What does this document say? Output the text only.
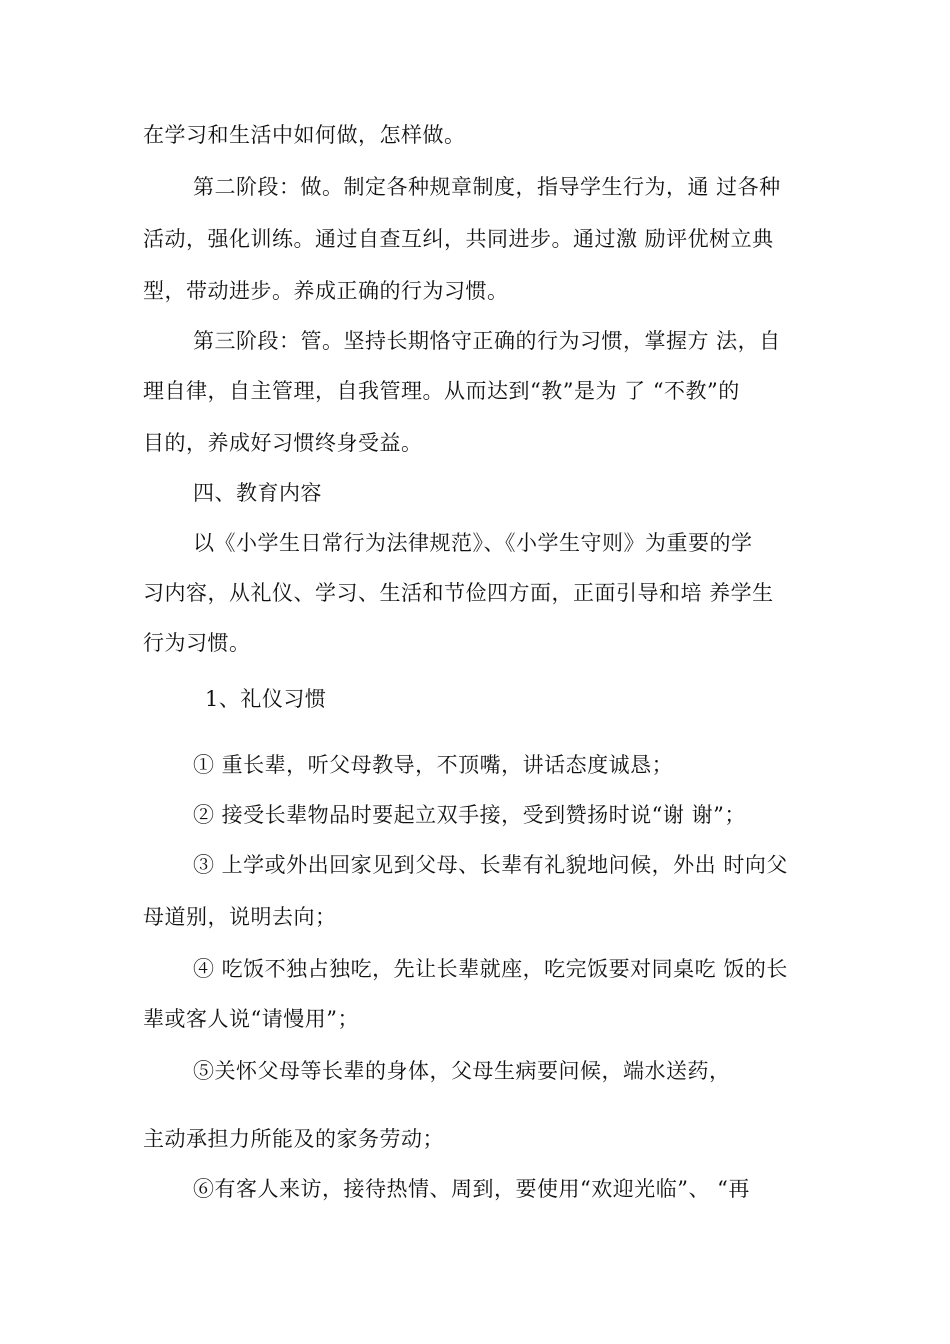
在学习和生活中如何做，怎样做。
第二阶段：做。制定各种规章制度，指导学生行为，通 过各种
活动，强化训练。通过自查互纠，共同进步。通过激 励评优树立典
型，带动进步。养成正确的行为习惯。
第三阶段：管。坚持长期恪守正确的行为习惯，掌握方 法，自
理自律，自主管理，自我管理。从而达到“教”是为 了 “不教”的
目的，养成好习惯终身受益。
四、教育内容
以《小学生日常行为法律规范》、《小学生守则》为重要的学
习内容，从礼仪、学习、生活和节俭四方面，正面引导和培 养学生
行为习惯。
1、礼仪习惯
① 重长辈，听父母教导，不顶嘴，讲话态度诚恳；
② 接受长辈物品时要起立双手接，受到赞扬时说“谢 谢”；
③ 上学或外出回家见到父母、长辈有礼貌地问候，外出 时向父
母道别，说明去向；
④ 吃饭不独占独吃，先让长辈就座，吃完饭要对同桌吃 饭的长
辈或客人说“请慢用”；
⑤关怀父母等长辈的身体，父母生病要问候，端水送药，
主动承担力所能及的家务劳动；
⑥有客人来访，接待热情、周到，要使用“欢迎光临”、 “再
